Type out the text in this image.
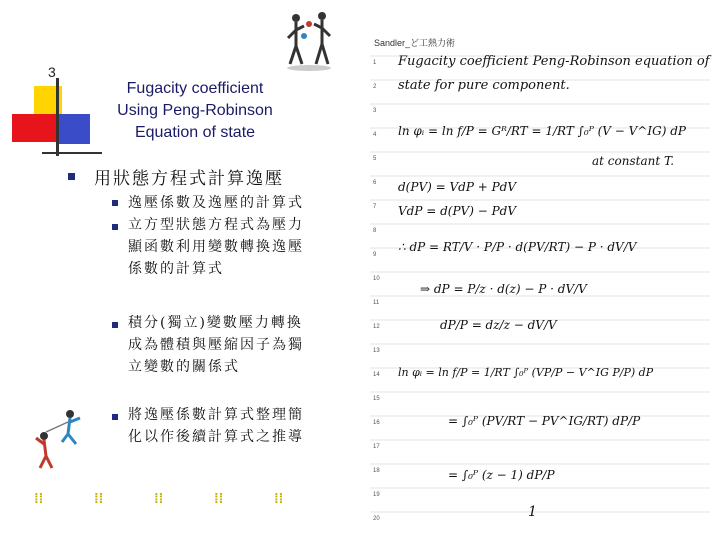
3
Fugacity coefficient
Using Peng-Robinson
Equation of state
用狀態方程式計算逸壓
逸壓係數及逸壓的計算式
立方型狀態方程式為壓力
顯函數利用變數轉換逸壓
係數的計算式
積分(獨立)變數壓力轉換
成為體積與壓縮因子為獨
立變數的關係式
將逸壓係數計算式整理簡
化以作後續計算式之推導
⁞⁞	⁞⁞	⁞⁞	⁞⁞	⁞⁞
Sandler_ど工熱力術
1
2
3
4
5
6
7
8
9
10
11
12
13
14
15
16
17
18
19
20
Fugacity coefficient Peng-Robinson equation of
state for pure component.
ln φᵢ = ln f/P = Gᴿ/RT = 1/RT ∫₀ᴾ (V − V^IG) dP
at constant T.
d(PV) = VdP + PdV
VdP = d(PV) − PdV
∴ dP = RT/V · P/P · d(PV/RT) − P · dV/V
⇒ dP = P/z · d(z) − P · dV/V
dP/P = dz/z − dV/V
ln φᵢ = ln f/P = 1/RT ∫₀ᴾ (VP/P − V^IG P/P) dP
= ∫₀ᴾ (PV/RT − PV^IG/RT) dP/P
= ∫₀ᴾ (z − 1) dP/P
1
